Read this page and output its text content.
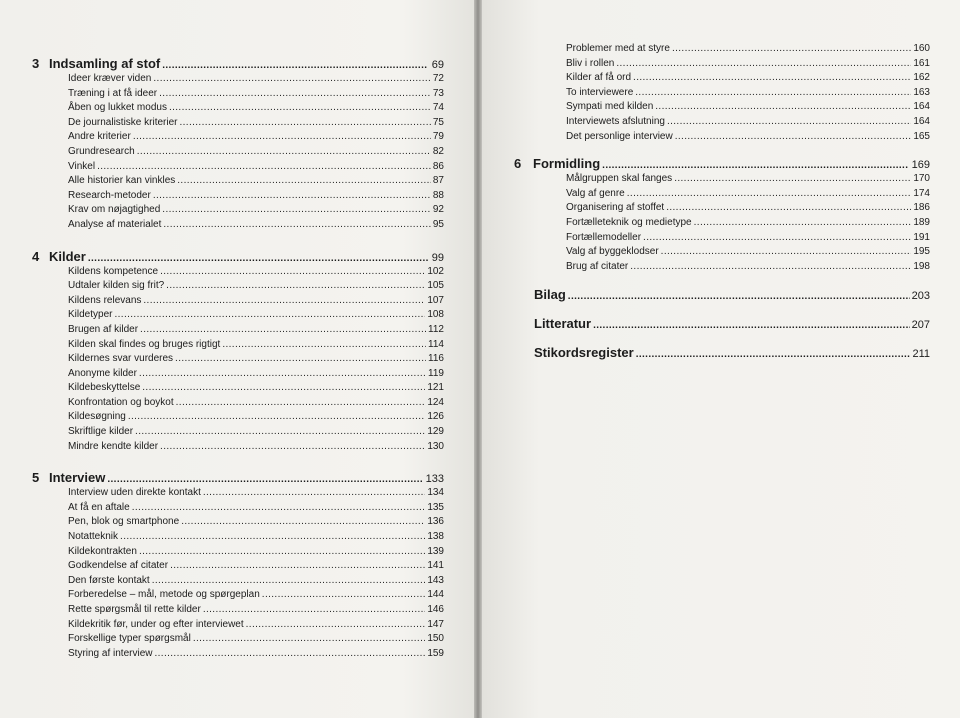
3 Indsamling af stof . . .	69
Ideer kræver viden . . .	72
Træning i at få ideer . . .	73
Åben og lukket modus . . .	74
De journalistiske kriterier . . .	75
Andre kriterier . . .	79
Grundresearch . . .	82
Vinkel . . .	86
Alle historier kan vinkles . . .	87
Research-metoder . . .	88
Krav om nøjagtighed . . .	92
Analyse af materialet . . .	95
4 Kilder . . .	99
Kildens kompetence . . .	102
Udtaler kilden sig frit? . . .	105
Kildens relevans . . .	107
Kildetyper . . .	108
Brugen af kilder . . .	112
Kilden skal findes og bruges rigtigt . . .	114
Kildernes svar vurderes . . .	116
Anonyme kilder . . .	119
Kildebeskyttelse . . .	121
Konfrontation og boykot . . .	124
Kildesøgning . . .	126
Skriftlige kilder . . .	129
Mindre kendte kilder . . .	130
5 Interview . . .	133
Interview uden direkte kontakt . . .	134
At få en aftale . . .	135
Pen, blok og smartphone . . .	136
Notatteknik . . .	138
Kildekontrakten . . .	139
Godkendelse af citater . . .	141
Den første kontakt . . .	143
Forberedelse – mål, metode og spørgeplan . . .	144
Rette spørgsmål til rette kilder . . .	146
Kildekritik før, under og efter interviewet . . .	147
Forskellige typer spørgsmål . . .	150
Styring af interview . . .	159
Problemer med at styre . . .	160
Bliv i rollen . . .	161
Kilder af få ord . . .	162
To interviewere . . .	163
Sympati med kilden . . .	164
Interviewets afslutning . . .	164
Det personlige interview . . .	165
6 Formidling . . .	169
Målgruppen skal fanges . . .	170
Valg af genre . . .	174
Organisering af stoffet . . .	186
Fortælleteknik og medietype . . .	189
Fortællemodeller . . .	191
Valg af byggeklodser . . .	195
Brug af citater . . .	198
Bilag . . .	203
Litteratur . . .	207
Stikordsregister . . .	211
